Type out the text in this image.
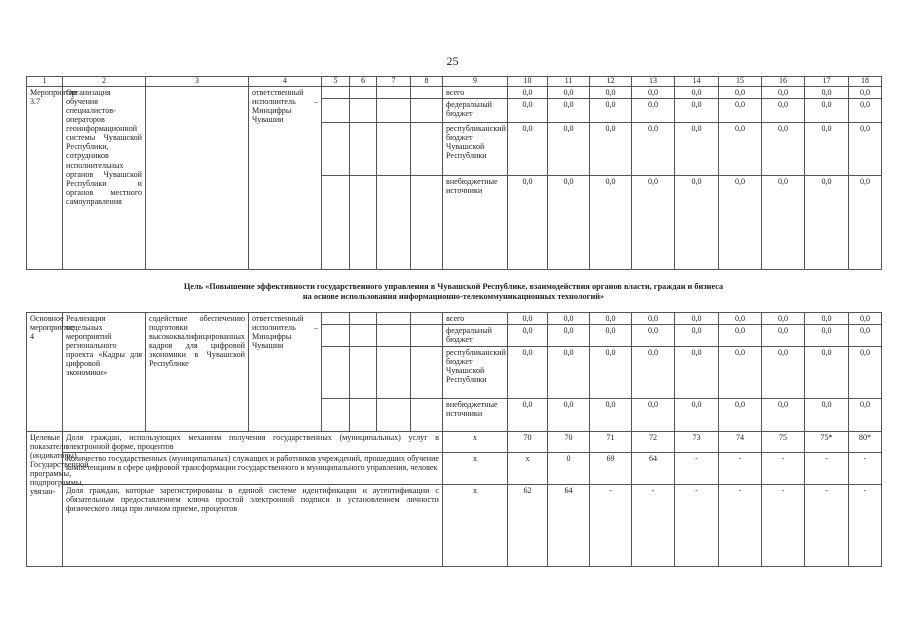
25
1	2	3	4	5	6	7	8	9	10	11	12	13	14	15	16	17	18
Мероприятие 3.7	Организация обучения специалистов-операторов геоинформационной системы Чувашской Республики, сотрудников исполнительных органов Чувашской Республики и органов местного самоуправления		ответственный исполнитель – Минцифры Чувашии					всего	0,0	0,0	0,0	0,0	0,0	0,0	0,0	0,0	0,0
								федеральный бюджет	0,0	0,0	0,0	0,0	0,0	0,0	0,0	0,0	0,0
								республиканский бюджет Чувашской Республики	0,0	0,0	0,0	0,0	0,0	0,0	0,0	0,0	0,0
								внебюджетные источники	0,0	0,0	0,0	0,0	0,0	0,0	0,0	0,0	0,0
Цель «Повышение эффективности государственного управления в Чувашской Республике, взаимодействия органов власти, граждан и бизнеса
на основе использования информационно-телекоммуникационных технологий»
Основное мероприятие 4	Реализация отдельных мероприятий регионального проекта «Кадры для цифровой экономики»	содействие обеспечению подготовки высококвалифицированных кадров для цифровой экономики в Чувашской Республике	ответственный исполнитель – Минцифры Чувашии					всего	0,0	0,0	0,0	0,0	0,0	0,0	0,0	0,0	0,0
								федеральный бюджет	0,0	0,0	0,0	0,0	0,0	0,0	0,0	0,0	0,0
								республиканский бюджет Чувашской Республики	0,0	0,0	0,0	0,0	0,0	0,0	0,0	0,0	0,0
								внебюджетные источники	0,0	0,0	0,0	0,0	0,0	0,0	0,0	0,0	0,0
Целевые показатели (индикаторы) Государственной программы, подпрограммы, увязан-	Доля граждан, использующих механизм получения государственных (муниципальных) услуг в электронной форме, процентов							х	70	70	71	72	73	74	75	75*	80*
	Количество государственных (муниципальных) служащих и работников учреждений, прошедших обучение компетенциям в сфере цифровой трансформации государственного и муниципального управления, человек							х	х	0	69	64	-	-	-	-	-
	Доля граждан, которые зарегистрированы в единой системе идентификации и аутентификации с обязательным предоставлением ключа простой электронной подписи и установлением личности физического лица при личном приеме, процентов							х	62	64	-	-	-	-	-	-	-
